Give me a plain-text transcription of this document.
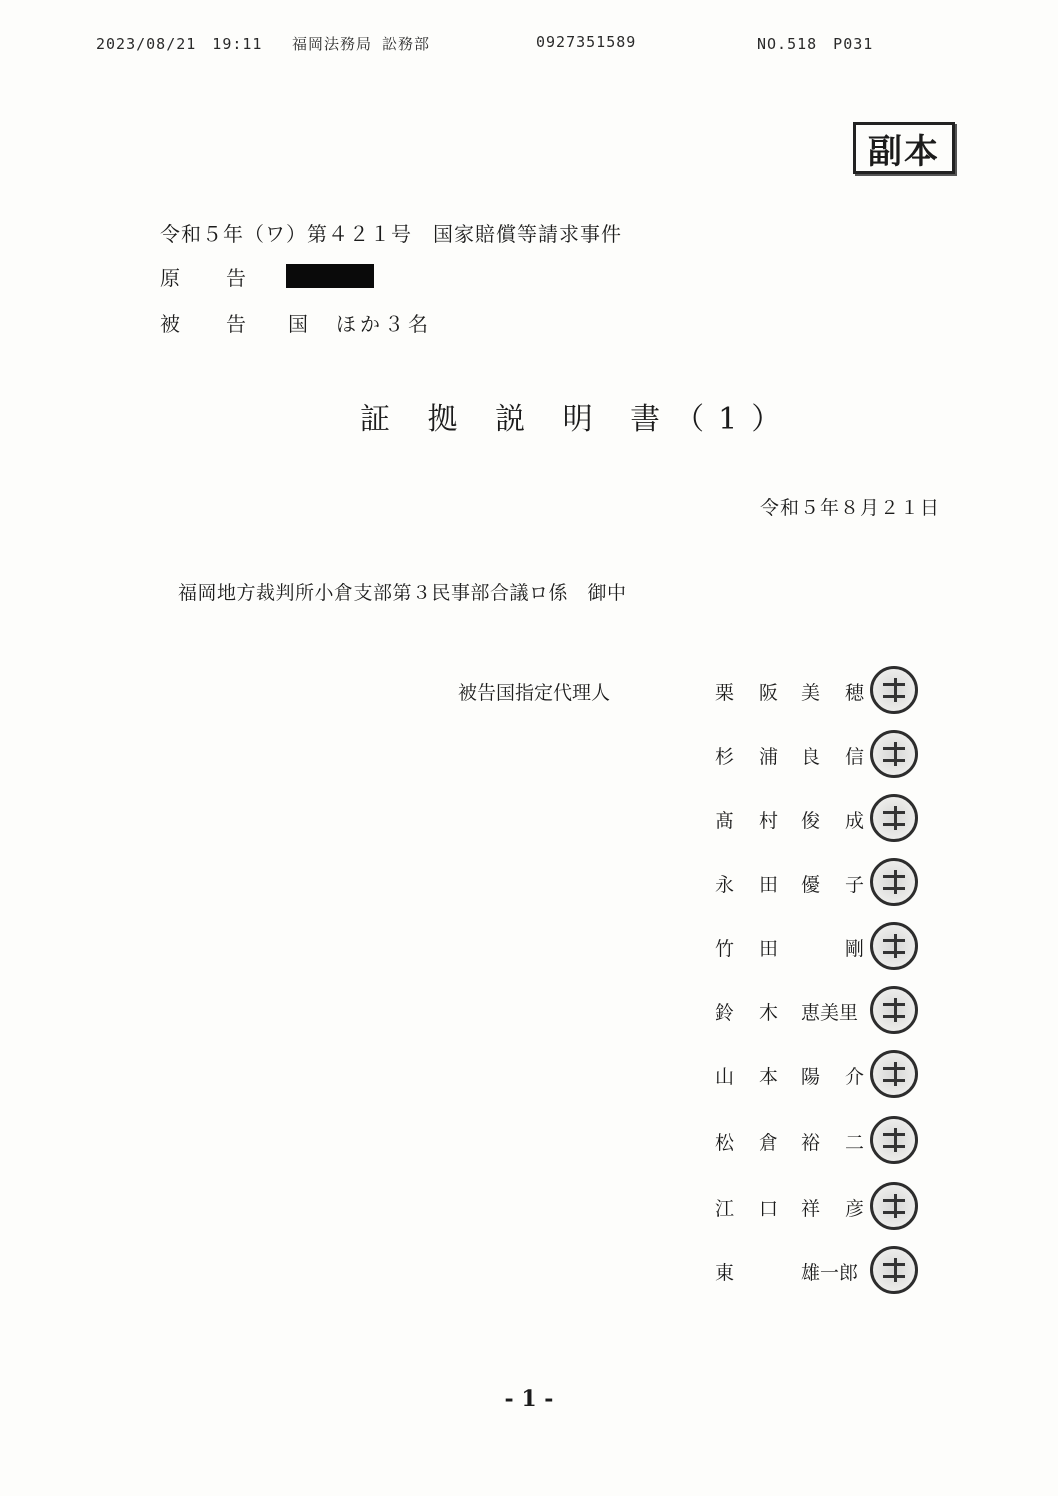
2023/08/21　19:11 福岡法務局 訟務部	0927351589	NO.518　P031
副本
令和５年（ワ）第４２１号　国家賠償等請求事件
原 告
被 告 国　ほか３名
証 拠 説 明 書（1）
令和５年８月２１日
福岡地方裁判所小倉支部第３民事部合議ロ係　御中
被告国指定代理人	栗 阪 美 穂
杉 浦 良 信
髙 村 俊 成
永 田 優 子
竹 田	剛
鈴 木 恵美里
山 本 陽 介
松 倉 裕 二
江 口 祥 彦
東	雄一郎
- 1 -
